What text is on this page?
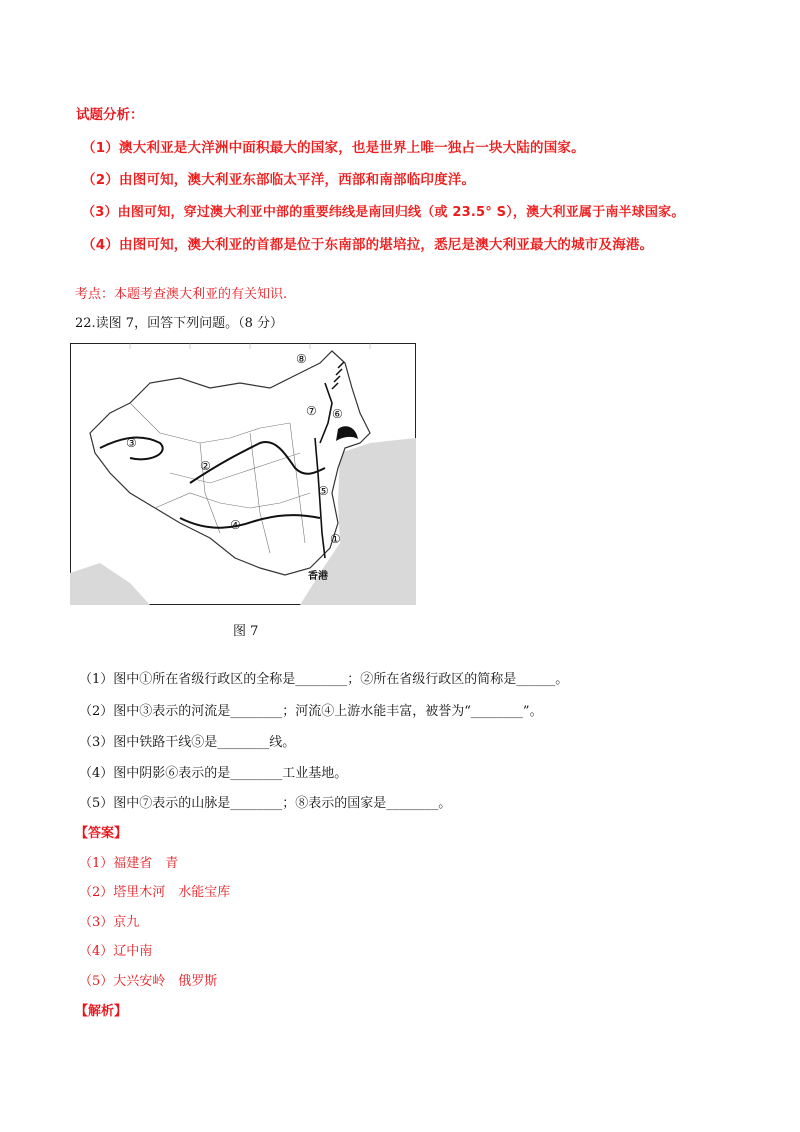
试题分析：
（1）澳大利亚是大洋洲中面积最大的国家，也是世界上唯一独占一块大陆的国家。
（2）由图可知，澳大利亚东部临太平洋，西部和南部临印度洋。
（3）由图可知，穿过澳大利亚中部的重要纬线是南回归线（或 23.5° S），澳大利亚属于南半球国家。
（4）由图可知，澳大利亚的首都是位于东南部的堪培拉，悉尼是澳大利亚最大的城市及海港。
考点：本题考查澳大利亚的有关知识.
22.读图 7，回答下列问题。（8 分）
③
②
④
⑤
①
⑥
⑦
⑧
香港
图 7
（1）图中①所在省级行政区的全称是________；②所在省级行政区的简称是______。
（2）图中③表示的河流是________；河流④上游水能丰富，被誉为“________”。
（3）图中铁路干线⑤是________线。
（4）图中阴影⑥表示的是________工业基地。
（5）图中⑦表示的山脉是________；⑧表示的国家是________。
【答案】
（1）福建省　青
（2）塔里木河　水能宝库
（3）京九
（4）辽中南
（5）大兴安岭　俄罗斯
【解析】
